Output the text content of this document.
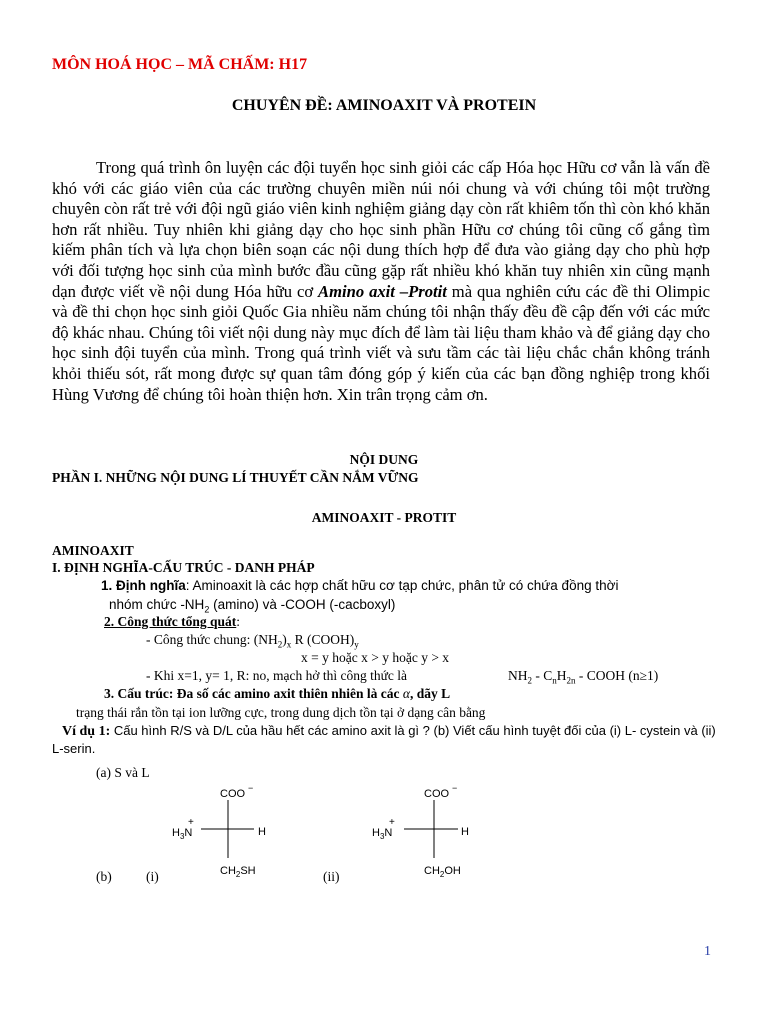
MÔN HOÁ HỌC – MÃ CHẤM: H17
CHUYÊN ĐỀ: AMINOAXIT VÀ PROTEIN

Trong quá trình ôn luyện các đội tuyển học sinh giỏi các cấp Hóa học Hữu cơ vẫn là vấn đề khó với các giáo viên của các trường chuyên miền núi nói chung và với chúng tôi một trường chuyên còn rất trẻ với đội ngũ giáo viên kinh nghiệm giảng dạy còn rất khiêm tốn thì còn khó khăn hơn rất nhiều. Tuy nhiên khi giảng dạy cho học sinh phần Hữu cơ chúng tôi cũng cố gắng tìm kiếm phân tích và lựa chọn biên soạn các nội dung thích hợp để đưa vào giảng dạy cho phù hợp với đối tượng học sinh của mình bước đầu cũng gặp rất nhiều khó khăn tuy nhiên xin cũng mạnh dạn được viết về nội dung Hóa hữu cơ Amino axit –Protit mà qua nghiên cứu các đề thi Olimpic và đề thi chọn học sinh giỏi Quốc Gia nhiều năm chúng tôi nhận thấy đều đề cập đến với các mức độ khác nhau. Chúng tôi viết nội dung này mục đích để làm tài liệu tham khảo và để giảng dạy cho học sinh đội tuyển của mình. Trong quá trình viết và sưu tầm các tài liệu chắc chắn không tránh khỏi thiếu sót, rất mong được sự quan tâm đóng góp ý kiến của các bạn đồng nghiệp trong khối Hùng Vương để chúng tôi hoàn thiện hơn. Xin trân trọng cảm ơn.

NỘI DUNG
PHẦN I. NHỮNG NỘI DUNG LÍ THUYẾT CẦN NẮM VỮNG
AMINOAXIT - PROTIT
AMINOAXIT
I. ĐỊNH NGHĨA-CẤU TRÚC - DANH PHÁP
1. Định nghĩa: Aminoaxit là các hợp chất hữu cơ tạp chức, phân tử có chứa đồng thời
nhóm chức $-NH_2$ (amino) và -COOH (-cacboxyl)
2. Công thức tổng quát:
- Công thức chung: $(NH_2)_x$ R $(COOH)_y$
x = y hoặc x > y hoặc y > x
- Khi x=1, y= 1, R: no, mạch hở thì công thức là	$NH_2 - C_nH_{2n}$ - COOH (n≥1)
3. Cấu trúc: Đa số các amino axit thiên nhiên là các α, dãy L
trạng thái rắn tồn tại ion lưỡng cực, trong dung dịch tồn tại ở dạng cân bằng
Ví dụ 1: Cấu hình R/S và D/L của hầu hết các amino axit là gì ? (b) Viết cấu hình tuyệt đối của (i) L- cystein và (ii)
L-serin.
(a) S và L
(b)	(i)	(ii)
COO −
$H_3N$
+
H
$CH_2SH$
COO −
$H_3N$
+
H
$CH_2OH$
1
